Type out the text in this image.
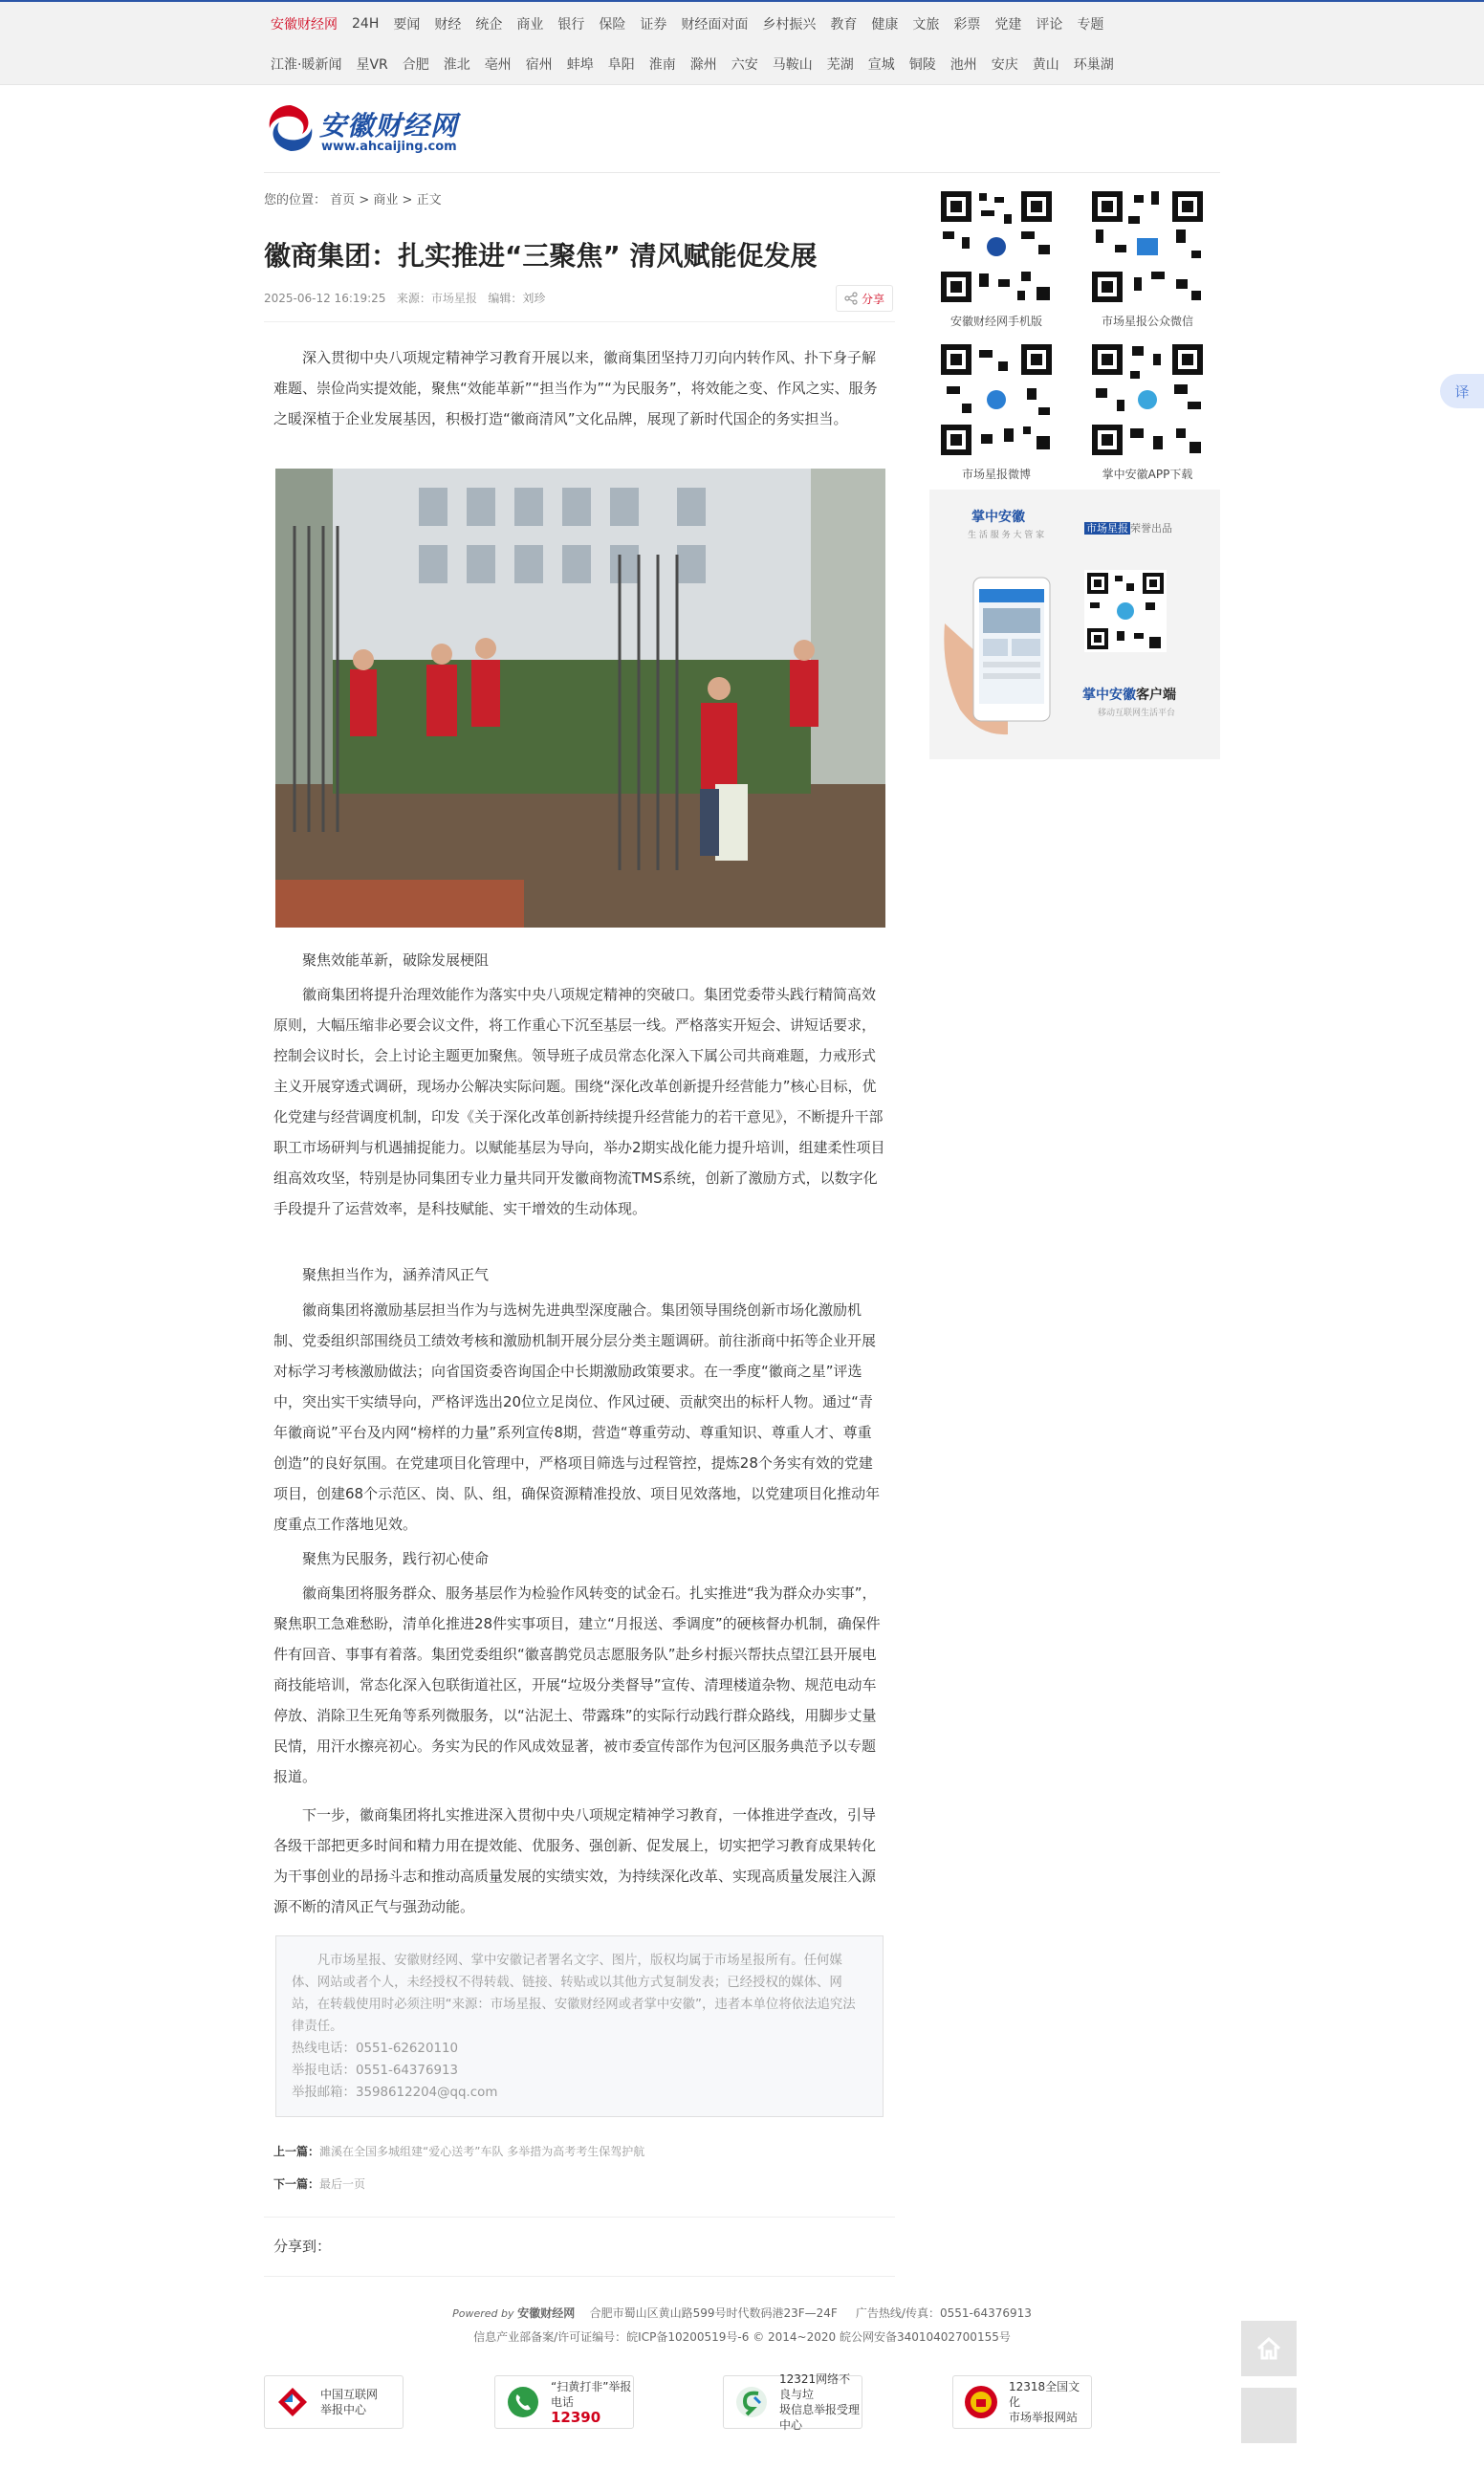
安徽财经网 24H 要闻 财经 统企 商业 银行 保险 证券 财经面对面 乡村振兴 教育 健康 文旅 彩票 党建 评论 专题
江淮·暖新闻 星VR 合肥 淮北 亳州 宿州 蚌埠 阜阳 淮南 滁州 六安 马鞍山 芜湖 宣城 铜陵 池州 安庆 黄山 环巢湖
安徽财经网
www.ahcaijing.com
您的位置： 首页 > 商业 > 正文
徽商集团：扎实推进“三聚焦” 清风赋能促发展
2025-06-12 16:19:25 来源：市场星报 编辑：刘珍	分享

深入贯彻中央八项规定精神学习教育开展以来，徽商集团坚持刀刃向内转作风、扑下身子解难题、崇俭尚实提效能，聚焦“效能革新”“担当作为”“为民服务”，将效能之变、作风之实、服务之暖深植于企业发展基因，积极打造“徽商清风”文化品牌，展现了新时代国企的务实担当。

聚焦效能革新，破除发展梗阻

徽商集团将提升治理效能作为落实中央八项规定精神的突破口。集团党委带头践行精简高效原则，大幅压缩非必要会议文件，将工作重心下沉至基层一线。严格落实开短会、讲短话要求，控制会议时长，会上讨论主题更加聚焦。领导班子成员常态化深入下属公司共商难题，力戒形式主义开展穿透式调研，现场办公解决实际问题。围绕“深化改革创新提升经营能力”核心目标，优化党建与经营调度机制，印发《关于深化改革创新持续提升经营能力的若干意见》，不断提升干部职工市场研判与机遇捕捉能力。以赋能基层为导向，举办2期实战化能力提升培训，组建柔性项目组高效攻坚，特别是协同集团专业力量共同开发徽商物流TMS系统，创新了激励方式，以数字化手段提升了运营效率，是科技赋能、实干增效的生动体现。

聚焦担当作为，涵养清风正气

徽商集团将激励基层担当作为与选树先进典型深度融合。集团领导围绕创新市场化激励机制、党委组织部围绕员工绩效考核和激励机制开展分层分类主题调研。前往浙商中拓等企业开展对标学习考核激励做法；向省国资委咨询国企中长期激励政策要求。在一季度“徽商之星”评选中，突出实干实绩导向，严格评选出20位立足岗位、作风过硬、贡献突出的标杆人物。通过“青年徽商说”平台及内网“榜样的力量”系列宣传8期，营造“尊重劳动、尊重知识、尊重人才、尊重创造”的良好氛围。在党建项目化管理中，严格项目筛选与过程管控，提炼28个务实有效的党建项目，创建68个示范区、岗、队、组，确保资源精准投放、项目见效落地，以党建项目化推动年度重点工作落地见效。

聚焦为民服务，践行初心使命

徽商集团将服务群众、服务基层作为检验作风转变的试金石。扎实推进“我为群众办实事”，聚焦职工急难愁盼，清单化推进28件实事项目，建立“月报送、季调度”的硬核督办机制，确保件件有回音、事事有着落。集团党委组织“徽喜鹊党员志愿服务队”赴乡村振兴帮扶点望江县开展电商技能培训，常态化深入包联街道社区，开展“垃圾分类督导”宣传、清理楼道杂物、规范电动车停放、消除卫生死角等系列微服务，以“沾泥土、带露珠”的实际行动践行群众路线，用脚步丈量民情，用汗水擦亮初心。务实为民的作风成效显著，被市委宣传部作为包河区服务典范予以专题报道。

下一步，徽商集团将扎实推进深入贯彻中央八项规定精神学习教育，一体推进学查改，引导各级干部把更多时间和精力用在提效能、优服务、强创新、促发展上，切实把学习教育成果转化为干事创业的昂扬斗志和推动高质量发展的实绩实效，为持续深化改革、实现高质量发展注入源源不断的清风正气与强劲动能。

凡市场星报、安徽财经网、掌中安徽记者署名文字、图片，版权均属于市场星报所有。任何媒体、网站或者个人，未经授权不得转载、链接、转贴或以其他方式复制发表；已经授权的媒体、网站，在转载使用时必须注明“来源：市场星报、安徽财经网或者掌中安徽”，违者本单位将依法追究法律责任。

热线电话：0551-62620110

举报电话：0551-64376913

举报邮箱：3598612204@qq.com

上一篇：濉溪在全国多城组建“爱心送考”车队 多举措为高考考生保驾护航
下一篇：最后一页
分享到：
安徽财经网手机版	市场星报公众微信
市场星报微博	掌中安徽APP下载
掌中安徽
生 活 服 务 大 管 家
市场星报 荣誉出品
掌中安徽客户端
移动互联网生活平台
Powered by 安徽财经网 合肥市蜀山区黄山路599号时代数码港23F—24F 广告热线/传真：0551-64376913
信息产业部备案/许可证编号：皖ICP备10200519号-6 © 2014~2020 皖公网安备34010402700155号
中国互联网
举报中心
“扫黄打非”举报电话
12390
12321网络不良与垃
圾信息举报受理中心
12318全国文化
市场举报网站
译
